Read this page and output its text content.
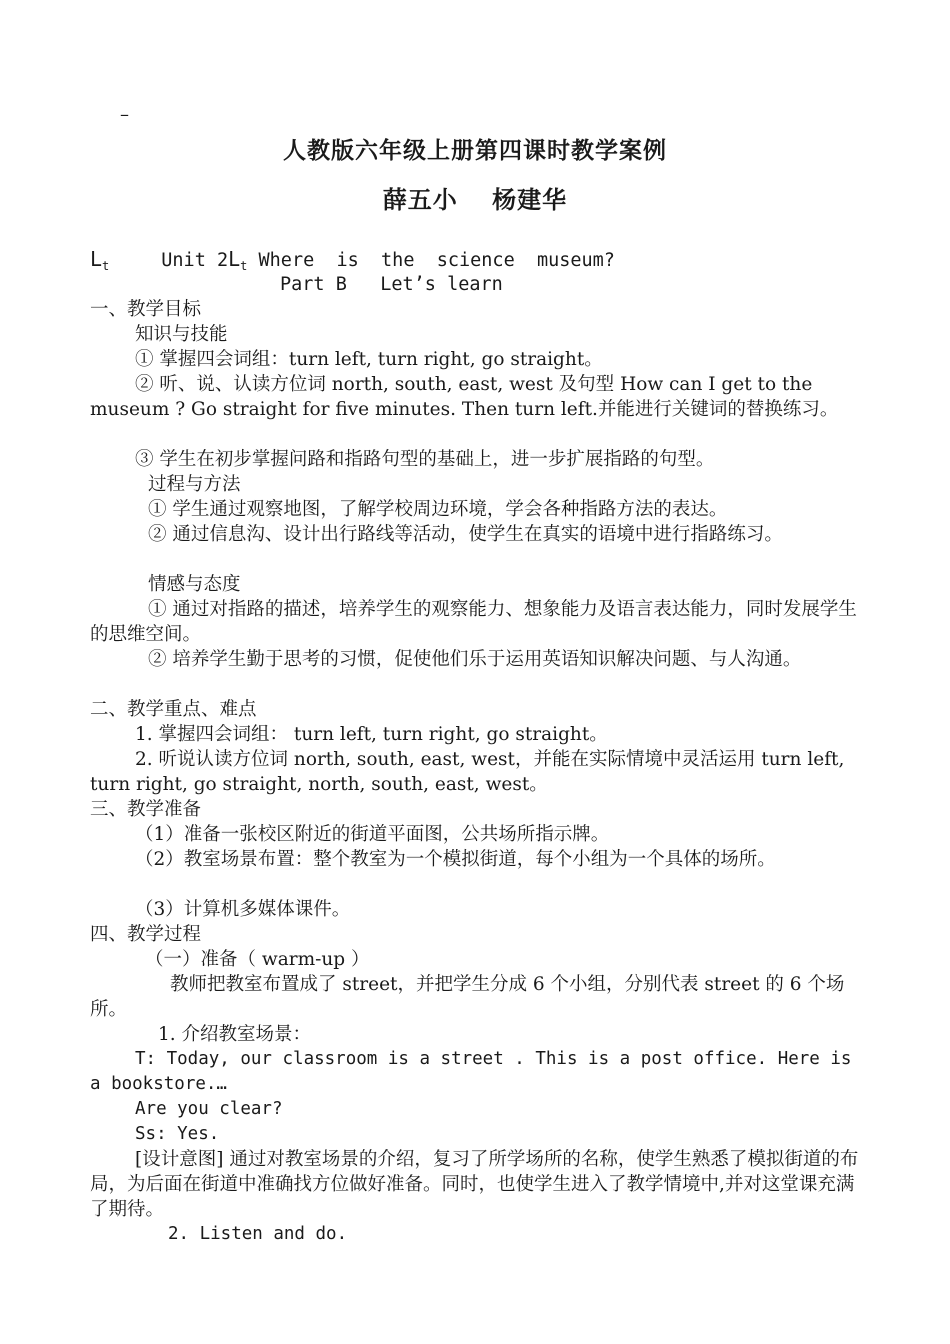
–
人教版六年级上册第四课时教学案例
薛五小　 杨建华
$L_t$	Unit $2L_t$ Where  is  the  science  museum?
Part B   Let’s learn
一、教学目标
知识与技能
① 掌握四会词组：turn left, turn right, go straight。
② 听、说、认读方位词 north, south, east, west 及句型 How can I get to the museum ? Go straight for five minutes. Then turn left.并能进行关键词的替换练习。
③ 学生在初步掌握问路和指路句型的基础上，进一步扩展指路的句型。
过程与方法
① 学生通过观察地图，了解学校周边环境，学会各种指路方法的表达。
② 通过信息沟、设计出行路线等活动，使学生在真实的语境中进行指路练习。
情感与态度
① 通过对指路的描述，培养学生的观察能力、想象能力及语言表达能力，同时发展学生的思维空间。
② 培养学生勤于思考的习惯，促使他们乐于运用英语知识解决问题、与人沟通。
二、教学重点、难点
1. 掌握四会词组： turn left, turn right, go straight。
2. 听说认读方位词 north, south, east, west，并能在实际情境中灵活运用 turn left, turn right, go straight, north, south, east, west。
三、教学准备
（1）准备一张校区附近的街道平面图，公共场所指示牌。
（2）教室场景布置：整个教室为一个模拟街道，每个小组为一个具体的场所。
（3）计算机多媒体课件。
四、教学过程
（一）准备（ warm-up ）
教师把教室布置成了 street，并把学生分成 6 个小组，分别代表 street 的 6 个场所。
1. 介绍教室场景：
T: Today, our classroom is a street . This is a post office. Here is a bookstore.…
Are you clear?
Ss: Yes.
[设计意图] 通过对教室场景的介绍，复习了所学场所的名称，使学生熟悉了模拟街道的布局，为后面在街道中准确找方位做好准备。同时，也使学生进入了教学情境中,并对这堂课充满了期待。
2. Listen and do.
